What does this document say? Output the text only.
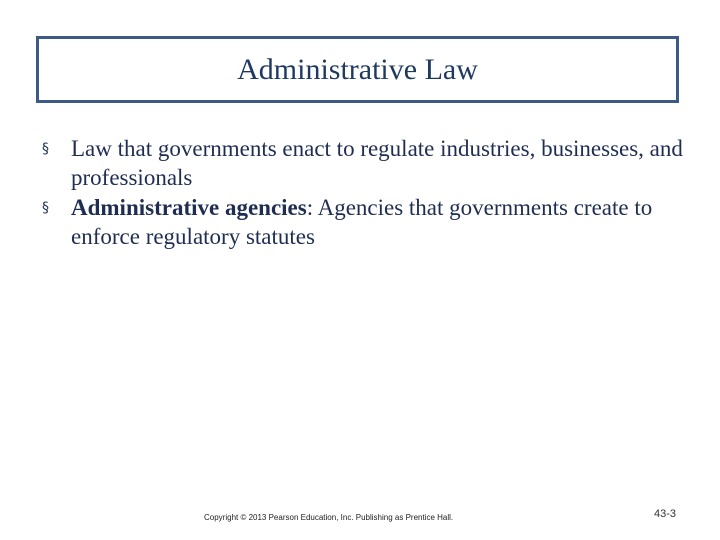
Administrative Law
§ Law that governments enact to regulate industries, businesses, and professionals
§ Administrative agencies: Agencies that governments create to enforce regulatory statutes
Copyright © 2013 Pearson Education, Inc. Publishing as Prentice Hall.	43-3
